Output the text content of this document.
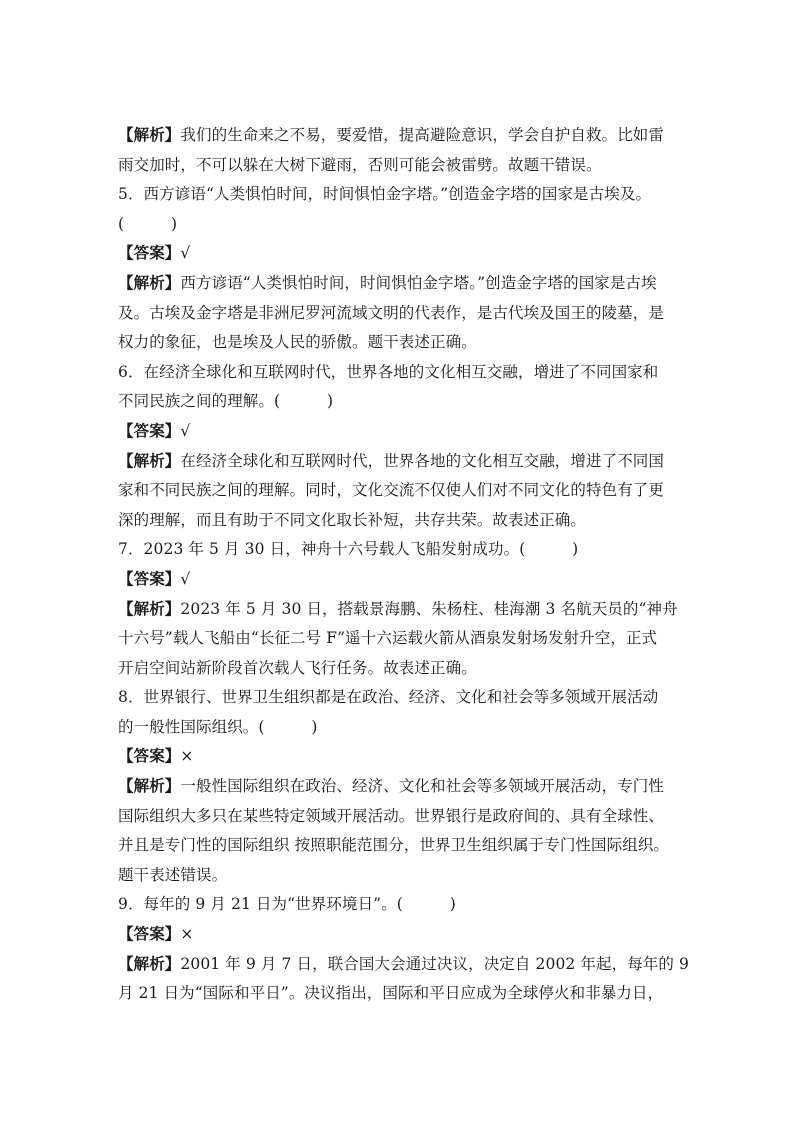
【解析】我们的生命来之不易，要爱惜，提高避险意识，学会自护自救。比如雷
雨交加时，不可以躲在大树下避雨，否则可能会被雷劈。故题干错误。
5．西方谚语“人类惧怕时间，时间惧怕金字塔。”创造金字塔的国家是古埃及。
(　　　)
【答案】√
【解析】西方谚语“人类惧怕时间，时间惧怕金字塔。”创造金字塔的国家是古埃
及。古埃及金字塔是非洲尼罗河流域文明的代表作，是古代埃及国王的陵墓，是
权力的象征，也是埃及人民的骄傲。题干表述正确。
6．在经济全球化和互联网时代，世界各地的文化相互交融，增进了不同国家和
不同民族之间的理解。(　　　)
【答案】√
【解析】在经济全球化和互联网时代，世界各地的文化相互交融，增进了不同国
家和不同民族之间的理解。同时，文化交流不仅使人们对不同文化的特色有了更
深的理解，而且有助于不同文化取长补短，共存共荣。故表述正确。
7．2023 年 5 月 30 日，神舟十六号载人飞船发射成功。(　　　)
【答案】√
【解析】2023 年 5 月 30 日，搭载景海鹏、朱杨柱、桂海潮 3 名航天员的“神舟
十六号”载人飞船由“长征二号 F”遥十六运载火箭从酒泉发射场发射升空，正式
开启空间站新阶段首次载人飞行任务。故表述正确。
8．世界银行、世界卫生组织都是在政治、经济、文化和社会等多领域开展活动
的一般性国际组织。(　　　)
【答案】×
【解析】一般性国际组织在政治、经济、文化和社会等多领域开展活动，专门性
国际组织大多只在某些特定领域开展活动。世界银行是政府间的、具有全球性、
并且是专门性的国际组织 按照职能范围分，世界卫生组织属于专门性国际组织。
题干表述错误。
9．每年的 9 月 21 日为“世界环境日”。(　　　)
【答案】×
【解析】2001 年 9 月 7 日，联合国大会通过决议，决定自 2002 年起，每年的 9
月 21 日为“国际和平日”。决议指出，国际和平日应成为全球停火和非暴力日，
